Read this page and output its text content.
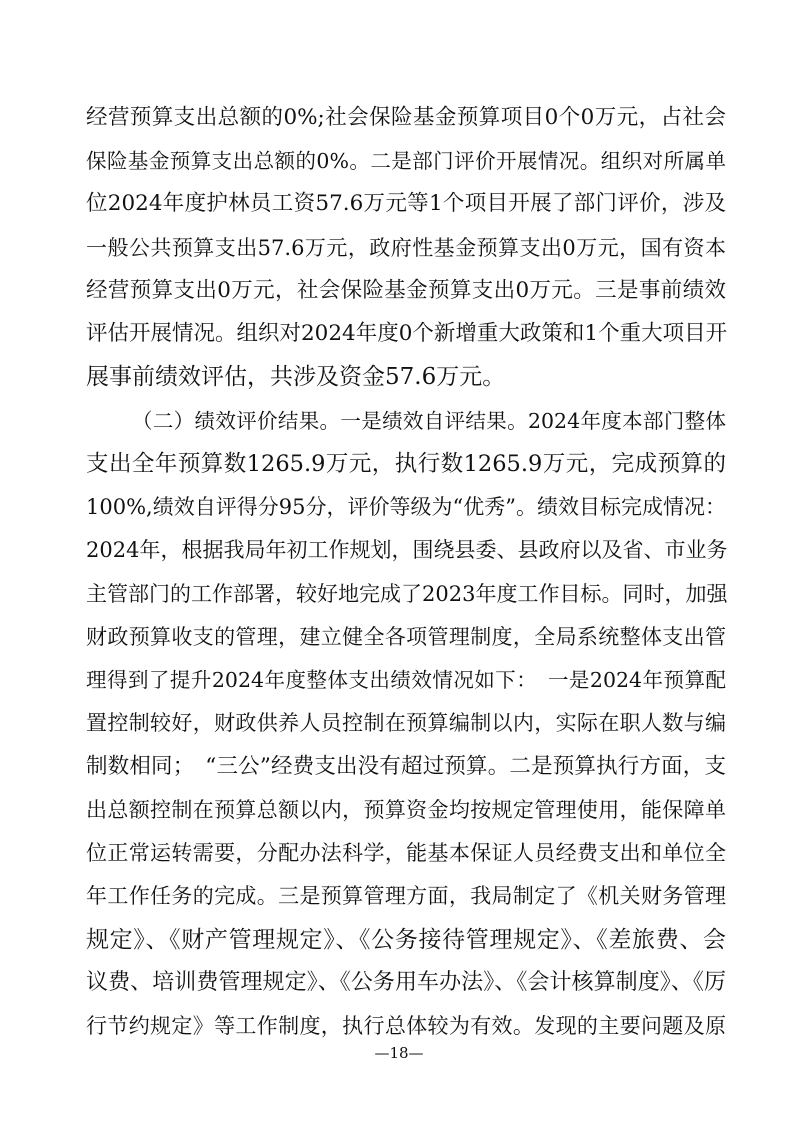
经营预算支出总额的0%;社会保险基金预算项目0个0万元，占社会
保险基金预算支出总额的0%。二是部门评价开展情况。组织对所属单
位2024年度护林员工资57.6万元等1个项目开展了部门评价，涉及
一般公共预算支出57.6万元，政府性基金预算支出0万元，国有资本
经营预算支出0万元，社会保险基金预算支出0万元。三是事前绩效
评估开展情况。组织对2024年度0个新增重大政策和1个重大项目开
展事前绩效评估，共涉及资金57.6万元。
（二）绩效评价结果。一是绩效自评结果。2024年度本部门整体
支出全年预算数1265.9万元，执行数1265.9万元，完成预算的
100%,绩效自评得分95分，评价等级为“优秀”。绩效目标完成情况：
2024年，根据我局年初工作规划，围绕县委、县政府以及省、市业务
主管部门的工作部署，较好地完成了2023年度工作目标。同时，加强
财政预算收支的管理，建立健全各项管理制度，全局系统整体支出管
理得到了提升2024年度整体支出绩效情况如下：　一是2024年预算配
置控制较好，财政供养人员控制在预算编制以内，实际在职人数与编
制数相同；　“三公”经费支出没有超过预算。二是预算执行方面，支
出总额控制在预算总额以内，预算资金均按规定管理使用，能保障单
位正常运转需要，分配办法科学，能基本保证人员经费支出和单位全
年工作任务的完成。三是预算管理方面，我局制定了《机关财务管理
规定》、《财产管理规定》、《公务接待管理规定》、《差旅费、会
议费、培训费管理规定》、《公务用车办法》、《会计核算制度》、《厉
行节约规定》等工作制度，执行总体较为有效。发现的主要问题及原
—18—
